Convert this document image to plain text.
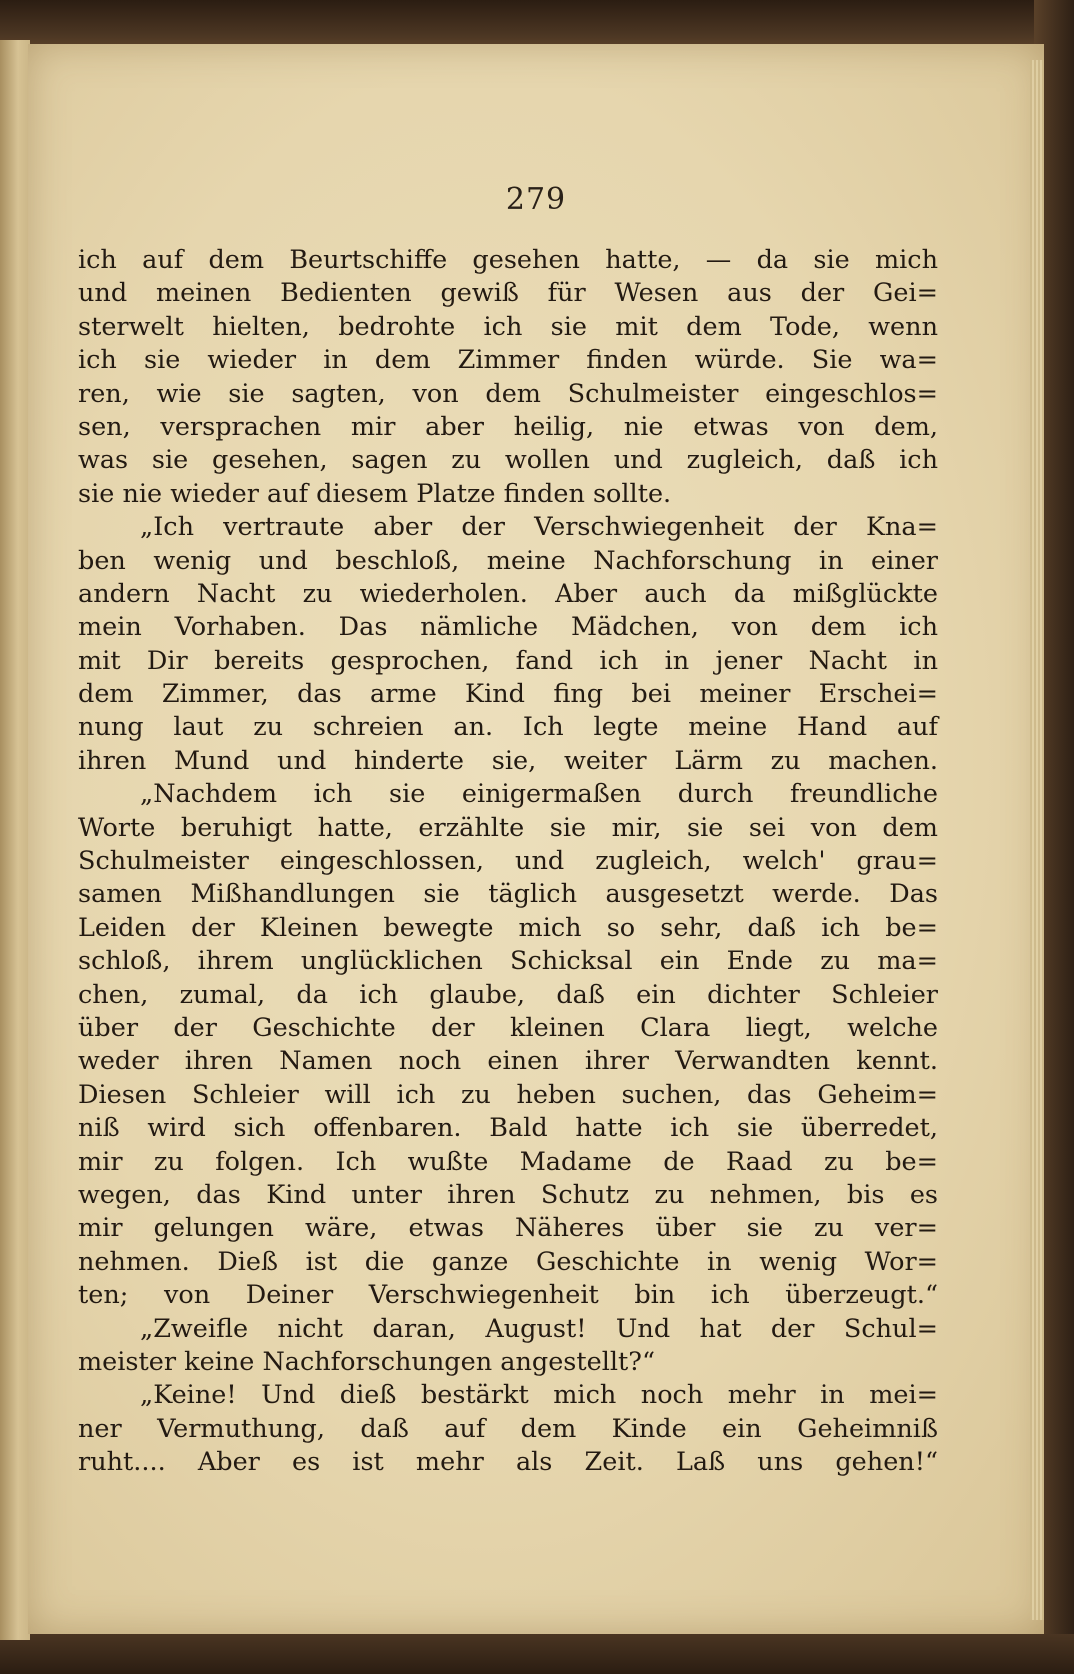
279
ich auf dem Beurtschiffe gesehen hatte, — da sie mich
und meinen Bedienten gewiß für Wesen aus der Gei=
sterwelt hielten, bedrohte ich sie mit dem Tode, wenn
ich sie wieder in dem Zimmer finden würde. Sie wa=
ren, wie sie sagten, von dem Schulmeister eingeschlos=
sen, versprachen mir aber heilig, nie etwas von dem,
was sie gesehen, sagen zu wollen und zugleich, daß ich
sie nie wieder auf diesem Platze finden sollte.
„Ich vertraute aber der Verschwiegenheit der Kna=
ben wenig und beschloß, meine Nachforschung in einer
andern Nacht zu wiederholen. Aber auch da mißglückte
mein Vorhaben. Das nämliche Mädchen, von dem ich
mit Dir bereits gesprochen, fand ich in jener Nacht in
dem Zimmer, das arme Kind fing bei meiner Erschei=
nung laut zu schreien an. Ich legte meine Hand auf
ihren Mund und hinderte sie, weiter Lärm zu machen.
„Nachdem ich sie einigermaßen durch freundliche
Worte beruhigt hatte, erzählte sie mir, sie sei von dem
Schulmeister eingeschlossen, und zugleich, welch' grau=
samen Mißhandlungen sie täglich ausgesetzt werde. Das
Leiden der Kleinen bewegte mich so sehr, daß ich be=
schloß, ihrem unglücklichen Schicksal ein Ende zu ma=
chen, zumal, da ich glaube, daß ein dichter Schleier
über der Geschichte der kleinen Clara liegt, welche
weder ihren Namen noch einen ihrer Verwandten kennt.
Diesen Schleier will ich zu heben suchen, das Geheim=
niß wird sich offenbaren. Bald hatte ich sie überredet,
mir zu folgen. Ich wußte Madame de Raad zu be=
wegen, das Kind unter ihren Schutz zu nehmen, bis es
mir gelungen wäre, etwas Näheres über sie zu ver=
nehmen. Dieß ist die ganze Geschichte in wenig Wor=
ten; von Deiner Verschwiegenheit bin ich überzeugt.“
„Zweifle nicht daran, August! Und hat der Schul=
meister keine Nachforschungen angestellt?“
„Keine! Und dieß bestärkt mich noch mehr in mei=
ner Vermuthung, daß auf dem Kinde ein Geheimniß
ruht.... Aber es ist mehr als Zeit. Laß uns gehen!“
